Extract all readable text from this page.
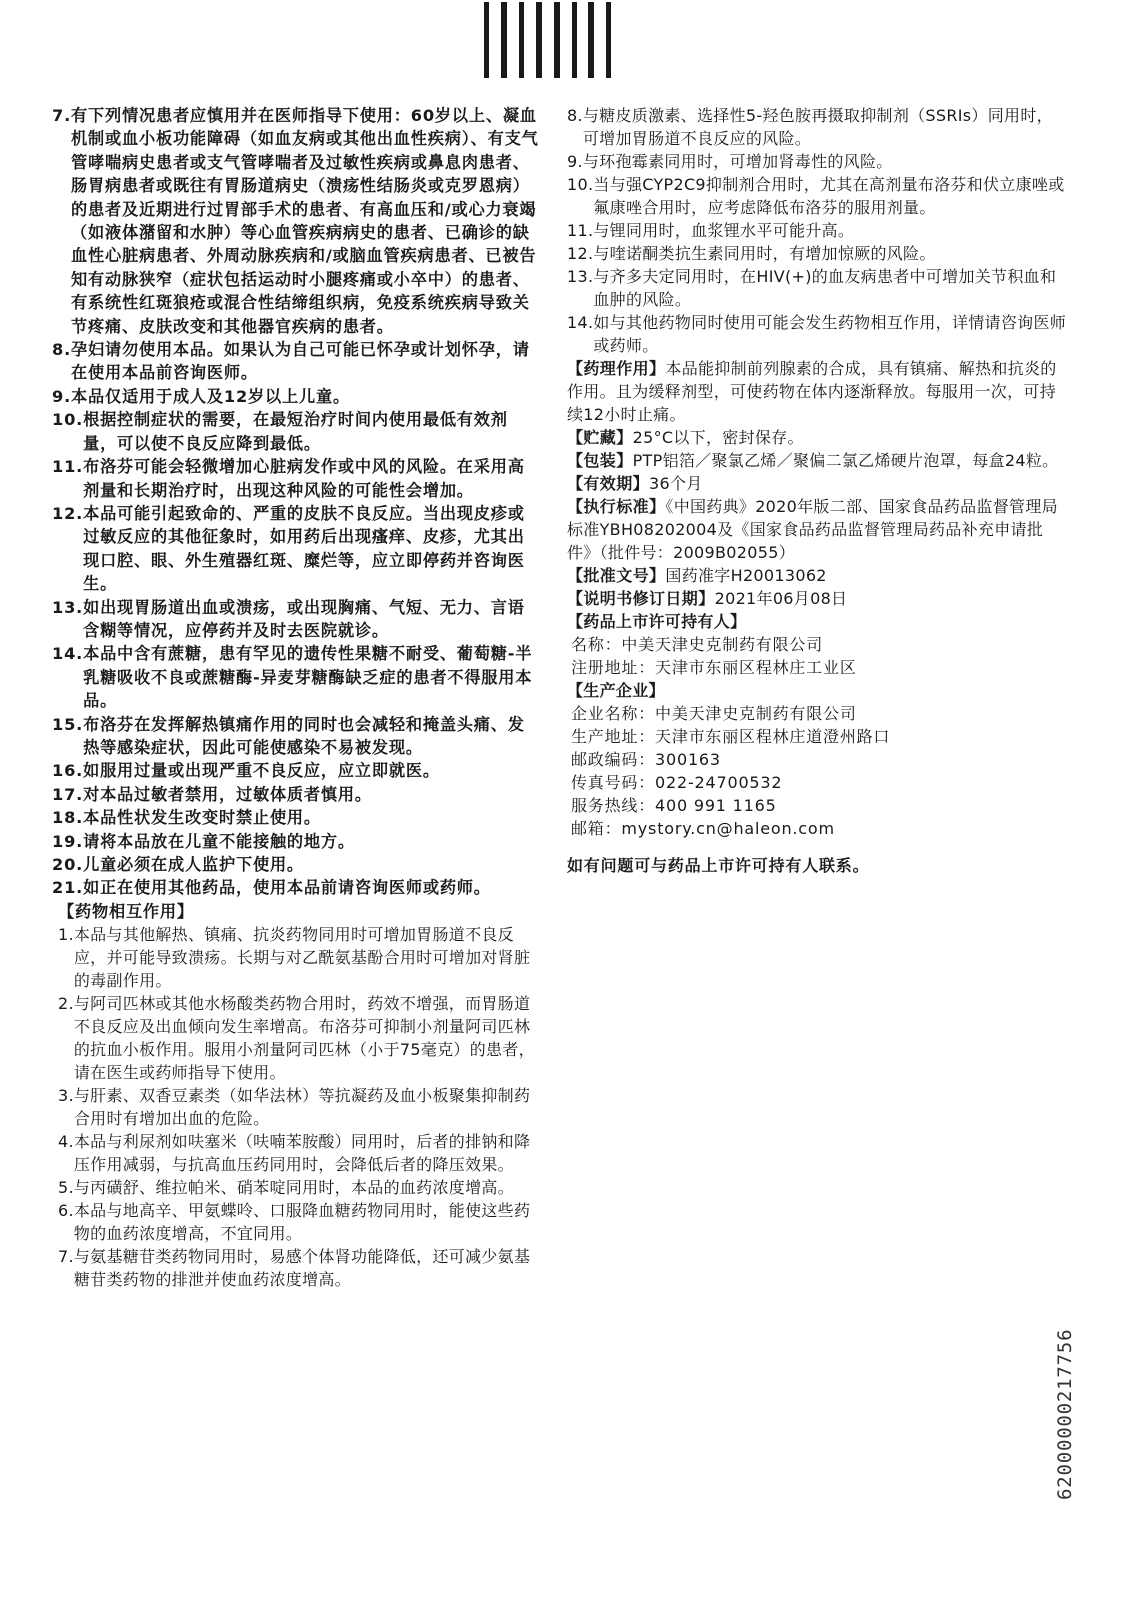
7. 有下列情况患者应慎用并在医师指导下使用：60岁以上、凝血机制或血小板功能障碍（如血友病或其他出血性疾病）、有支气管哮喘病史患者或支气管哮喘者及过敏性疾病或鼻息肉患者、肠胃病患者或既往有胃肠道病史（溃疡性结肠炎或克罗恩病）的患者及近期进行过胃部手术的患者、有高血压和/或心力衰竭（如液体潴留和水肿）等心血管疾病病史的患者、已确诊的缺血性心脏病患者、外周动脉疾病和/或脑血管疾病患者、已被告知有动脉狭窄（症状包括运动时小腿疼痛或小卒中）的患者、有系统性红斑狼疮或混合性结缔组织病，免疫系统疾病导致关节疼痛、皮肤改变和其他器官疾病的患者。
8. 孕妇请勿使用本品。如果认为自己可能已怀孕或计划怀孕，请在使用本品前咨询医师。
9. 本品仅适用于成人及12岁以上儿童。
10. 根据控制症状的需要，在最短治疗时间内使用最低有效剂量，可以使不良反应降到最低。
11. 布洛芬可能会轻微增加心脏病发作或中风的风险。在采用高剂量和长期治疗时，出现这种风险的可能性会增加。
12. 本品可能引起致命的、严重的皮肤不良反应。当出现皮疹或过敏反应的其他征象时，如用药后出现瘙痒、皮疹，尤其出现口腔、眼、外生殖器红斑、糜烂等，应立即停药并咨询医生。
13. 如出现胃肠道出血或溃疡，或出现胸痛、气短、无力、言语含糊等情况，应停药并及时去医院就诊。
14. 本品中含有蔗糖，患有罕见的遗传性果糖不耐受、葡萄糖-半乳糖吸收不良或蔗糖酶-异麦芽糖酶缺乏症的患者不得服用本品。
15. 布洛芬在发挥解热镇痛作用的同时也会减轻和掩盖头痛、发热等感染症状，因此可能使感染不易被发现。
16. 如服用过量或出现严重不良反应，应立即就医。
17. 对本品过敏者禁用，过敏体质者慎用。
18. 本品性状发生改变时禁止使用。
19. 请将本品放在儿童不能接触的地方。
20. 儿童必须在成人监护下使用。
21. 如正在使用其他药品，使用本品前请咨询医师或药师。
【药物相互作用】
1. 本品与其他解热、镇痛、抗炎药物同用时可增加胃肠道不良反应，并可能导致溃疡。长期与对乙酰氨基酚合用时可增加对肾脏的毒副作用。
2. 与阿司匹林或其他水杨酸类药物合用时，药效不增强，而胃肠道不良反应及出血倾向发生率增高。布洛芬可抑制小剂量阿司匹林的抗血小板作用。服用小剂量阿司匹林（小于75毫克）的患者，请在医生或药师指导下使用。
3. 与肝素、双香豆素类（如华法林）等抗凝药及血小板聚集抑制药合用时有增加出血的危险。
4. 本品与利尿剂如呋塞米（呋喃苯胺酸）同用时，后者的排钠和降压作用减弱，与抗高血压药同用时，会降低后者的降压效果。
5. 与丙磺舒、维拉帕米、硝苯啶同用时，本品的血药浓度增高。
6. 本品与地高辛、甲氨蝶呤、口服降血糖药物同用时，能使这些药物的血药浓度增高，不宜同用。
7. 与氨基糖苷类药物同用时，易感个体肾功能降低，还可减少氨基糖苷类药物的排泄并使血药浓度增高。
8. 与糖皮质激素、选择性5-羟色胺再摄取抑制剂（SSRIs）同用时，可增加胃肠道不良反应的风险。
9. 与环孢霉素同用时，可增加肾毒性的风险。
10. 当与强CYP2C9抑制剂合用时，尤其在高剂量布洛芬和伏立康唑或氟康唑合用时，应考虑降低布洛芬的服用剂量。
11. 与锂同用时，血浆锂水平可能升高。
12. 与喹诺酮类抗生素同用时，有增加惊厥的风险。
13. 与齐多夫定同用时，在HIV(+)的血友病患者中可增加关节积血和血肿的风险。
14. 如与其他药物同时使用可能会发生药物相互作用，详情请咨询医师或药师。
【药理作用】本品能抑制前列腺素的合成，具有镇痛、解热和抗炎的作用。且为缓释剂型，可使药物在体内逐渐释放。每服用一次，可持续12小时止痛。
【贮藏】25°C以下，密封保存。
【包装】PTP铝箔／聚氯乙烯／聚偏二氯乙烯硬片泡罩，每盒24粒。
【有效期】36个月
【执行标准】《中国药典》2020年版二部、国家食品药品监督管理局标准YBH08202004及《国家食品药品监督管理局药品补充申请批件》（批件号：2009B02055）
【批准文号】国药准字H20013062
【说明书修订日期】2021年06月08日
【药品上市许可持有人】
名称：中美天津史克制药有限公司
注册地址：天津市东丽区程林庄工业区
【生产企业】
企业名称：中美天津史克制药有限公司
生产地址：天津市东丽区程林庄道澄州路口
邮政编码：300163
传真号码：022-24700532
服务热线：400 991 1165
邮箱：mystory.cn@haleon.com
如有问题可与药品上市许可持有人联系。
62000000217756
